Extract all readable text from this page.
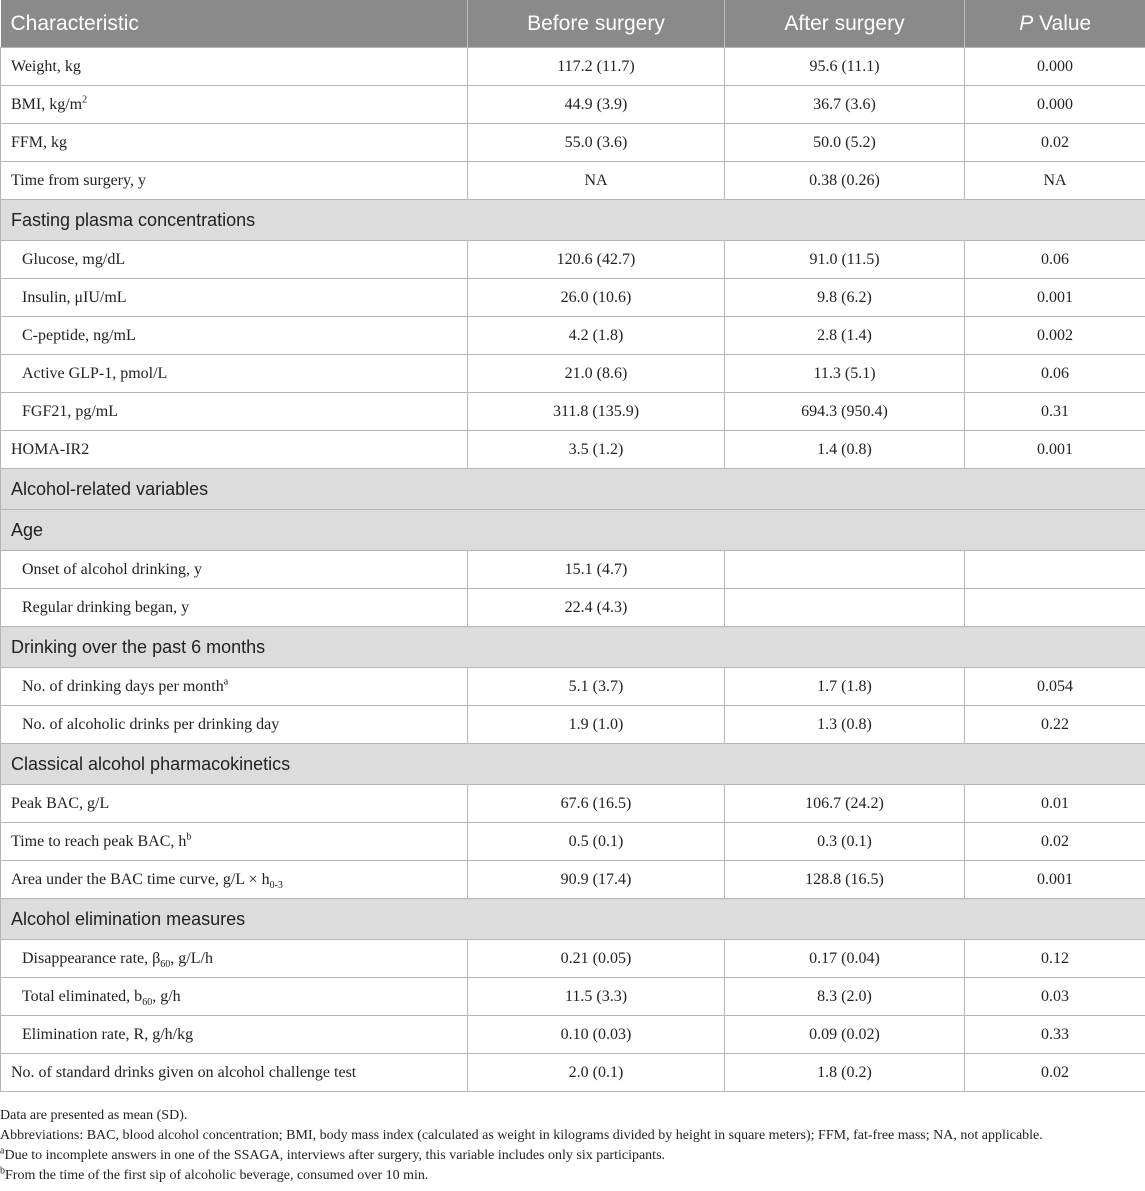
Characteristic	Before surgery	After surgery	P Value
Weight, kg	117.2 (11.7)	95.6 (11.1)	0.000
BMI, $kg/m^2$	44.9 (3.9)	36.7 (3.6)	0.000
FFM, kg	55.0 (3.6)	50.0 (5.2)	0.02
Time from surgery, y	NA	0.38 (0.26)	NA
Fasting plasma concentrations			
Glucose, mg/dL	120.6 (42.7)	91.0 (11.5)	0.06
Insulin, μIU/mL	26.0 (10.6)	9.8 (6.2)	0.001
C-peptide, ng/mL	4.2 (1.8)	2.8 (1.4)	0.002
Active GLP-1, pmol/L	21.0 (8.6)	11.3 (5.1)	0.06
FGF21, pg/mL	311.8 (135.9)	694.3 (950.4)	0.31
HOMA-IR2	3.5 (1.2)	1.4 (0.8)	0.001
Alcohol-related variables			
Age			
Onset of alcohol drinking, y	15.1 (4.7)		
Regular drinking began, y	22.4 (4.3)		
Drinking over the past 6 months			
No. of drinking days per month$^a$	5.1 (3.7)	1.7 (1.8)	0.054
No. of alcoholic drinks per drinking day	1.9 (1.0)	1.3 (0.8)	0.22
Classical alcohol pharmacokinetics			
Peak BAC, g/L	67.6 (16.5)	106.7 (24.2)	0.01
Time to reach peak BAC, $h^b$	0.5 (0.1)	0.3 (0.1)	0.02
Area under the BAC time curve, $g/L \times h_{0-3}$	90.9 (17.4)	128.8 (16.5)	0.001
Alcohol elimination measures			
Disappearance rate, $\beta_{60}$, g/L/h	0.21 (0.05)	0.17 (0.04)	0.12
Total eliminated, $b_{60}$, g/h	11.5 (3.3)	8.3 (2.0)	0.03
Elimination rate, R, g/h/kg	0.10 (0.03)	0.09 (0.02)	0.33
No. of standard drinks given on alcohol challenge test	2.0 (0.1)	1.8 (0.2)	0.02
Data are presented as mean (SD).
Abbreviations: BAC, blood alcohol concentration; BMI, body mass index (calculated as weight in kilograms divided by height in square meters); FFM, fat-free mass; NA, not applicable.
$^a$Due to incomplete answers in one of the SSAGA, interviews after surgery, this variable includes only six participants.
$^b$From the time of the first sip of alcoholic beverage, consumed over 10 min.
